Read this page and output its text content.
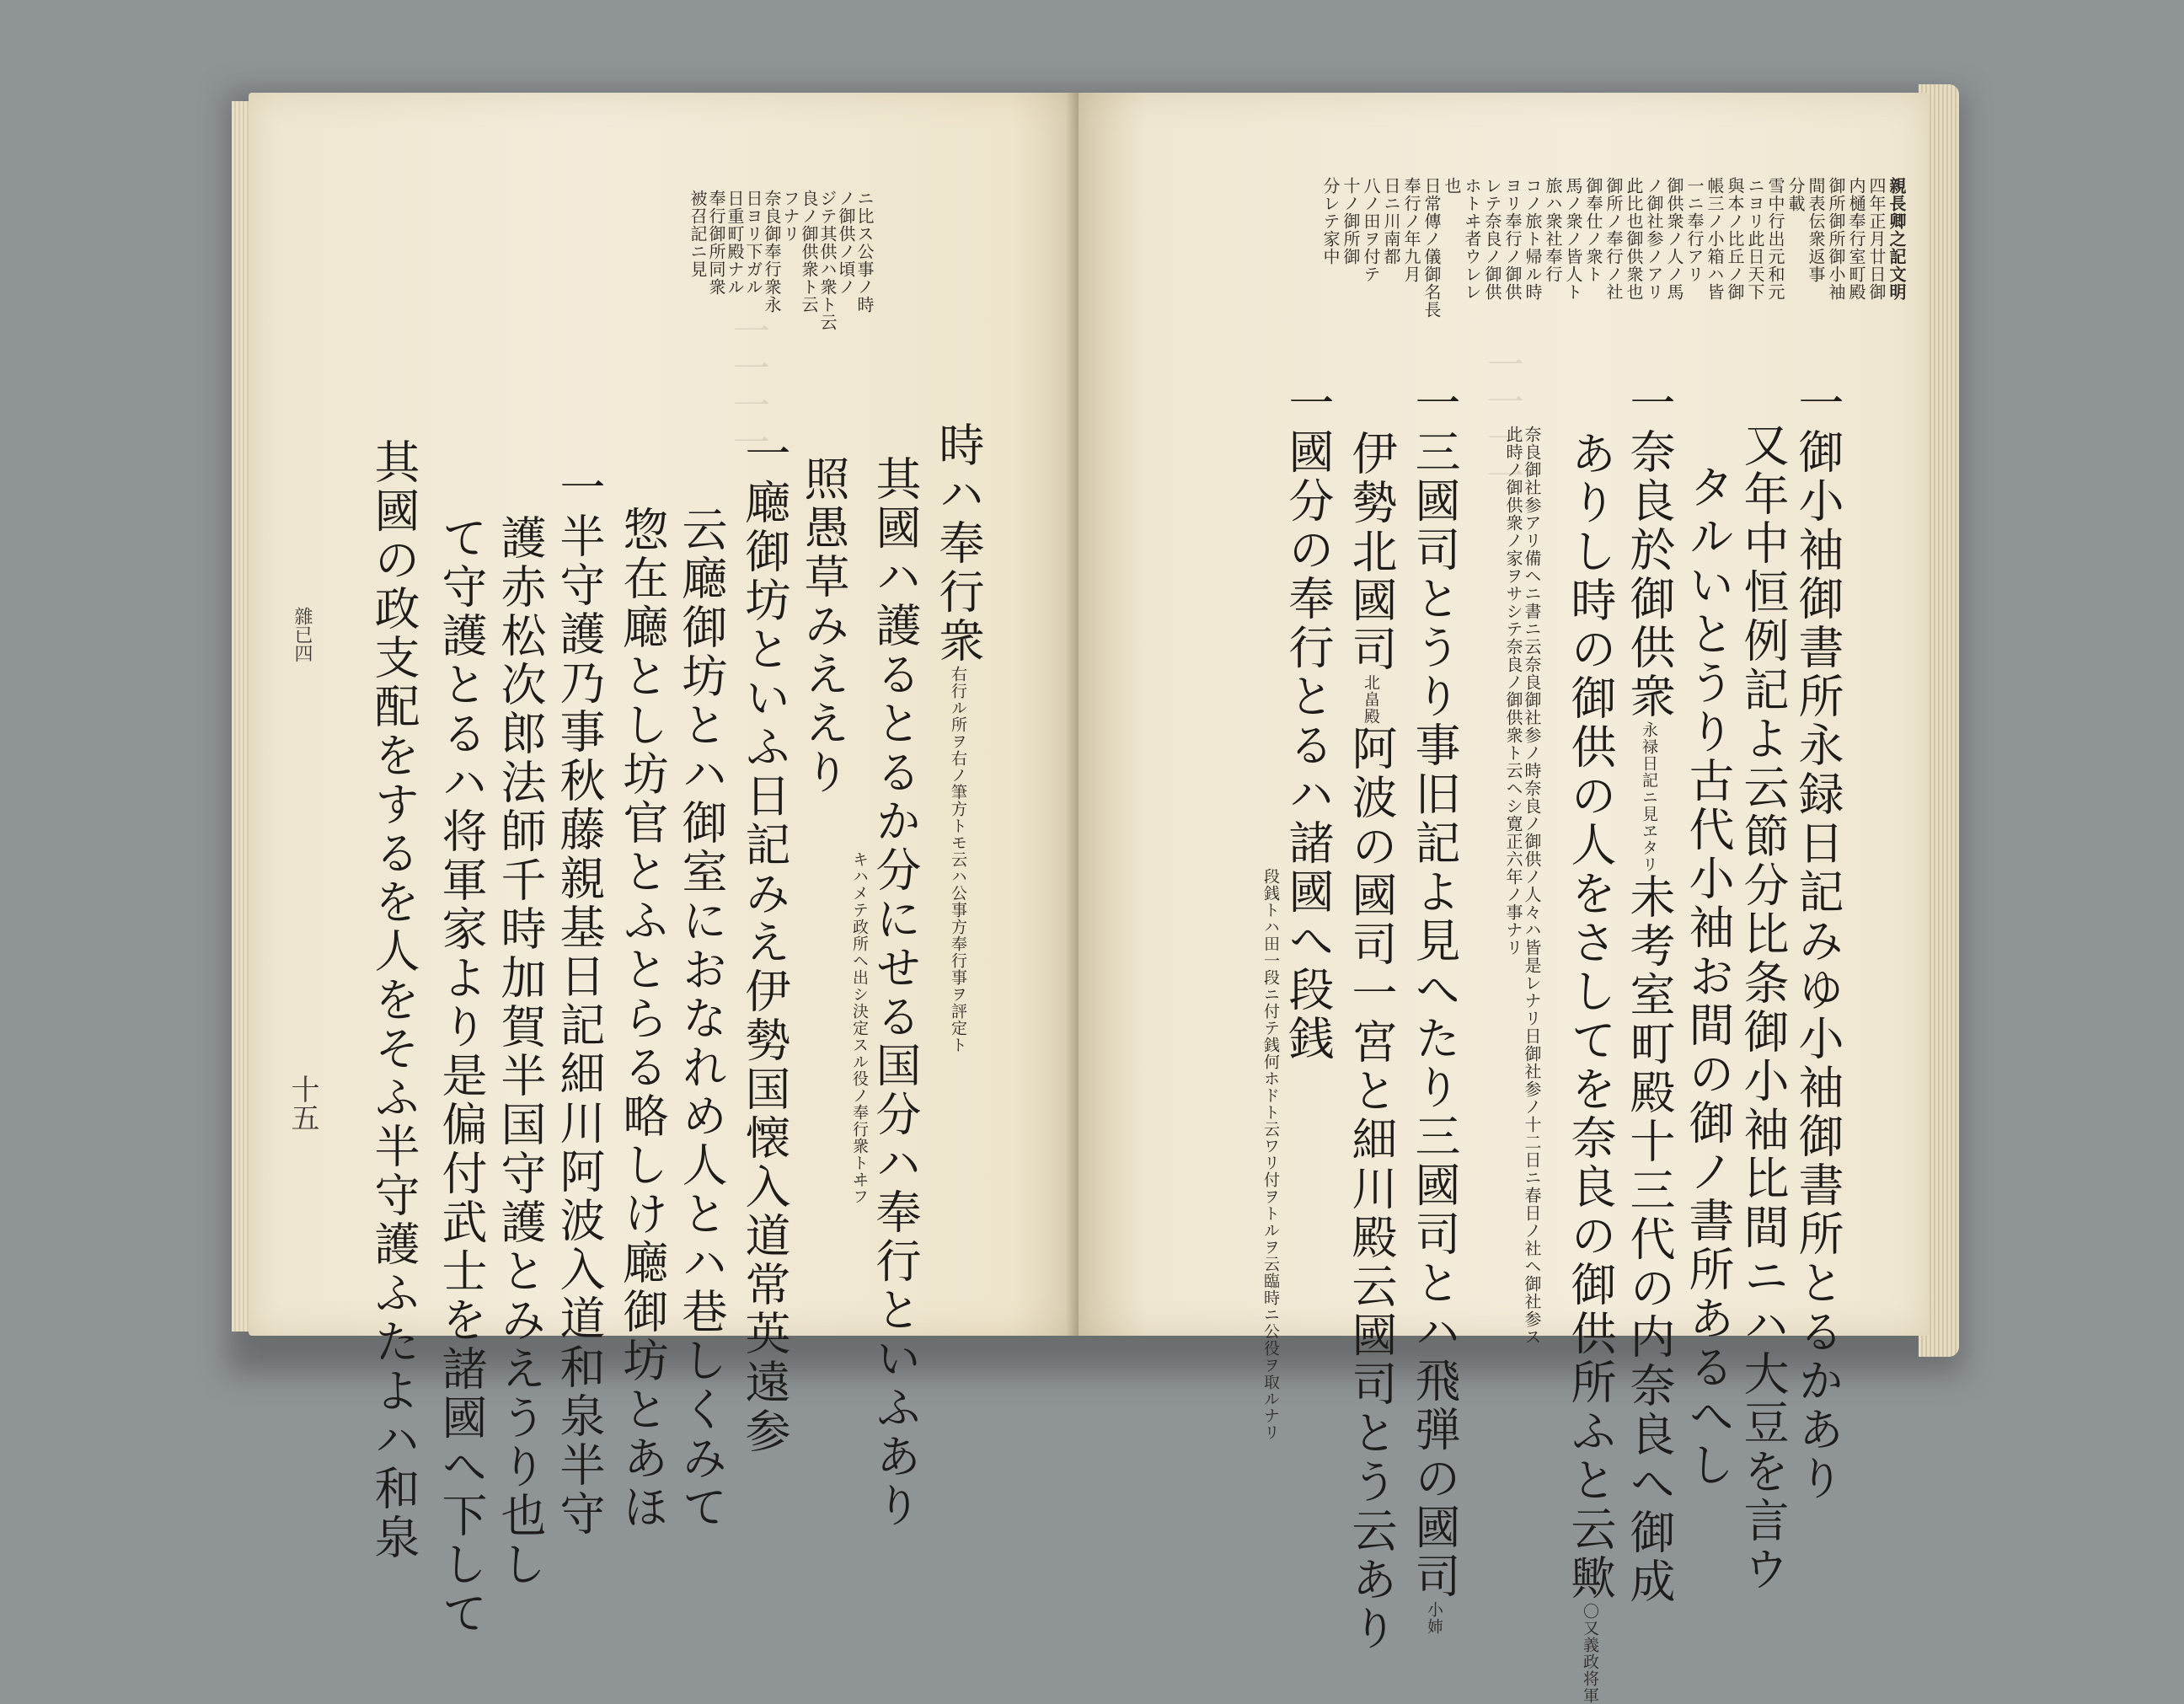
一一一一
ニ比ス公事ノ時
ノ御供ノ頃ノ
ジテ其供ハ衆ト云
良ノ御供衆ト云
フナリ
奈良御奉行衆永
日ヨリ下ガル
日重町殿ナル
奉行御所同衆
被召記ニ見
時ハ奉行衆右行ル所ヲ右ノ筆方トモ云ハ公事方奉行事ヲ評定ト
其國ハ護るとるか分にせる国分ハ奉行といふあり
キハメテ政所ヘ出シ決定スル役ノ奉行衆トヰフ
照愚草みええり
一廰御坊といふ日記みえ伊勢国懐入道常英遠参
云廰御坊とハ御室におなれめ人とハ巷しくみて
惣在廰とし坊官とふとらる略しけ廰御坊とあほ
一半守護乃事秋藤親基日記細川阿波入道和泉半守
護赤松次郎法師千時加賀半国守護とみえうり也し
て守護とるハ将軍家より是偏付武士を諸國へ下して
其國の政支配をするを人をそふ半守護ふたよハ和泉
雜已四
十五
一一一一
親長卿之記文明
四年正月廿日御
内樋奉行室町殿
御所御所御小袖
間表伝衆返事
分載
雪中行出元和元
ニヨリ此日天下
與本ノ比丘ノ御
帳三ノ小箱ハ皆
一ニ奉行アリ
御供衆ノ人ノ馬
ノ御社参ノアリ
此比也御供衆也
御所ノ奉行ノ社
御奉仕ノ衆ト
馬ノ衆ノ皆人ト
旅ハ衆社奉行
コノ旅ト帰ル時
ヨリ奉行ノ御供
レテ奈良ノ御供
ホトヰ者ウレレ
也
日常傳ノ儀御名長
奉行ノ年九月
日ニ川南都
八ノ田ヲ付テ
十ノ御所御
分レテ家中
一御小袖御書所永録日記みゆ小袖御書所とるかあり
又年中恒例記よ云節分比条御小袖比間ニハ大豆を言ウ
タルいとうり古代小袖お間の御ノ書所あるへし
一奈良於御供衆永禄日記ニ見ヱタリ未考室町殿十三代の内奈良へ御成
ありし時の御供の人をさしてを奈良の御供所ふと云歟〇又義政将軍
奈良御社参アリ備ヘニ書ニ云奈良御社参ノ時奈良ノ御供ノ人々ハ皆是レナリ日御社参ノ十二日ニ春日ノ社ヘ御社参ス此時ノ御供衆ノ家ヲサシテ奈良ノ御供衆ト云ヘシ寛正六年ノ事ナリ
一三國司とうり事旧記よ見へたり三國司とハ飛弾の國司小姉
伊勢北國司北畠殿阿波の國司一宮と細川殿云國司とう云あり
一國分の奉行とるハ諸國へ段銭
段銭トハ田一段ニ付テ銭何ホドト云ワリ付ヲトルヲ云臨時ニ公役ヲ取ルナリ
